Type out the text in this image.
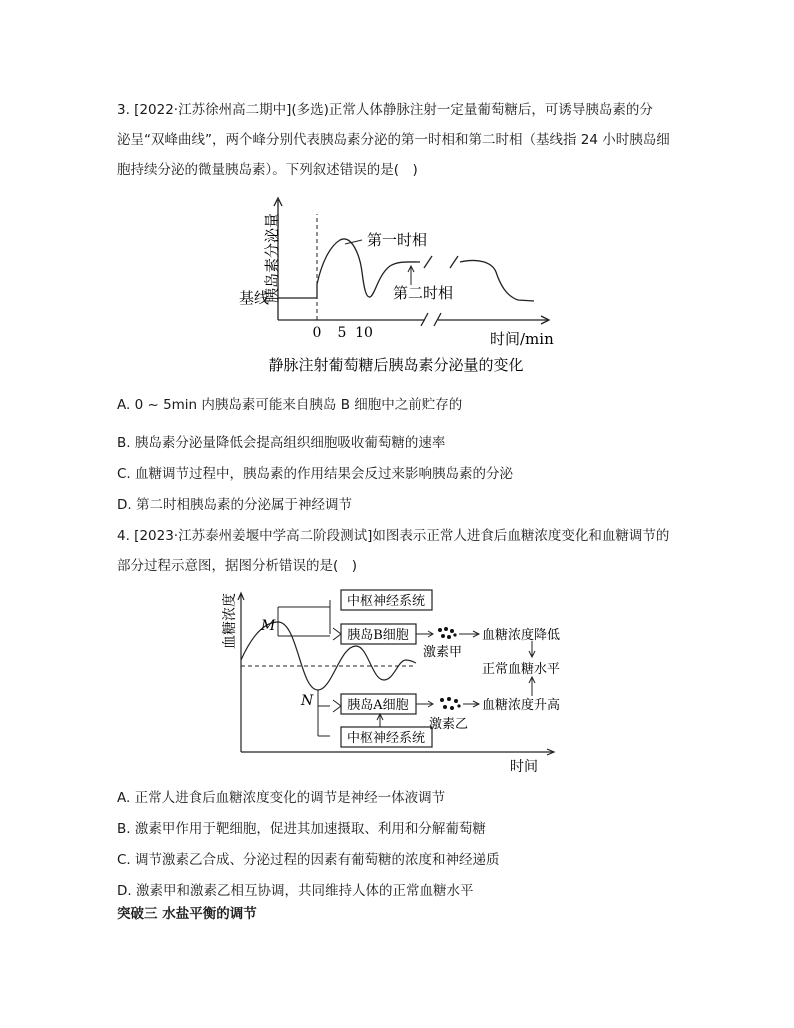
3. [2022·江苏徐州高二期中](多选)正常人体静脉注射一定量葡萄糖后，可诱导胰岛素的分
泌呈“双峰曲线”，两个峰分别代表胰岛素分泌的第一时相和第二时相（基线指 24 小时胰岛细
胞持续分泌的微量胰岛素）。下列叙述错误的是(　)
胰岛素分泌量
基线
第一时相
第二时相
0 5 10	时间/min
静脉注射葡萄糖后胰岛素分泌量的变化
A. 0 ~ 5min 内胰岛素可能来自胰岛 B 细胞中之前贮存的
B. 胰岛素分泌量降低会提高组织细胞吸收葡萄糖的速率
C. 血糖调节过程中，胰岛素的作用结果会反过来影响胰岛素的分泌
D. 第二时相胰岛素的分泌属于神经调节
4. [2023·江苏泰州姜堰中学高二阶段测试]如图表示正常人进食后血糖浓度变化和血糖调节的
部分过程示意图，据图分析错误的是(　)
血糖浓度 M
N
中枢神经系统
胰岛B细胞
激素甲
血糖浓度降低
正常血糖水平
胰岛A细胞
激素乙
血糖浓度升高
中枢神经系统
时间
A. 正常人进食后血糖浓度变化的调节是神经一体液调节
B. 激素甲作用于靶细胞，促进其加速摄取、利用和分解葡萄糖
C. 调节激素乙合成、分泌过程的因素有葡萄糖的浓度和神经递质
D. 激素甲和激素乙相互协调，共同维持人体的正常血糖水平
突破三 水盐平衡的调节
